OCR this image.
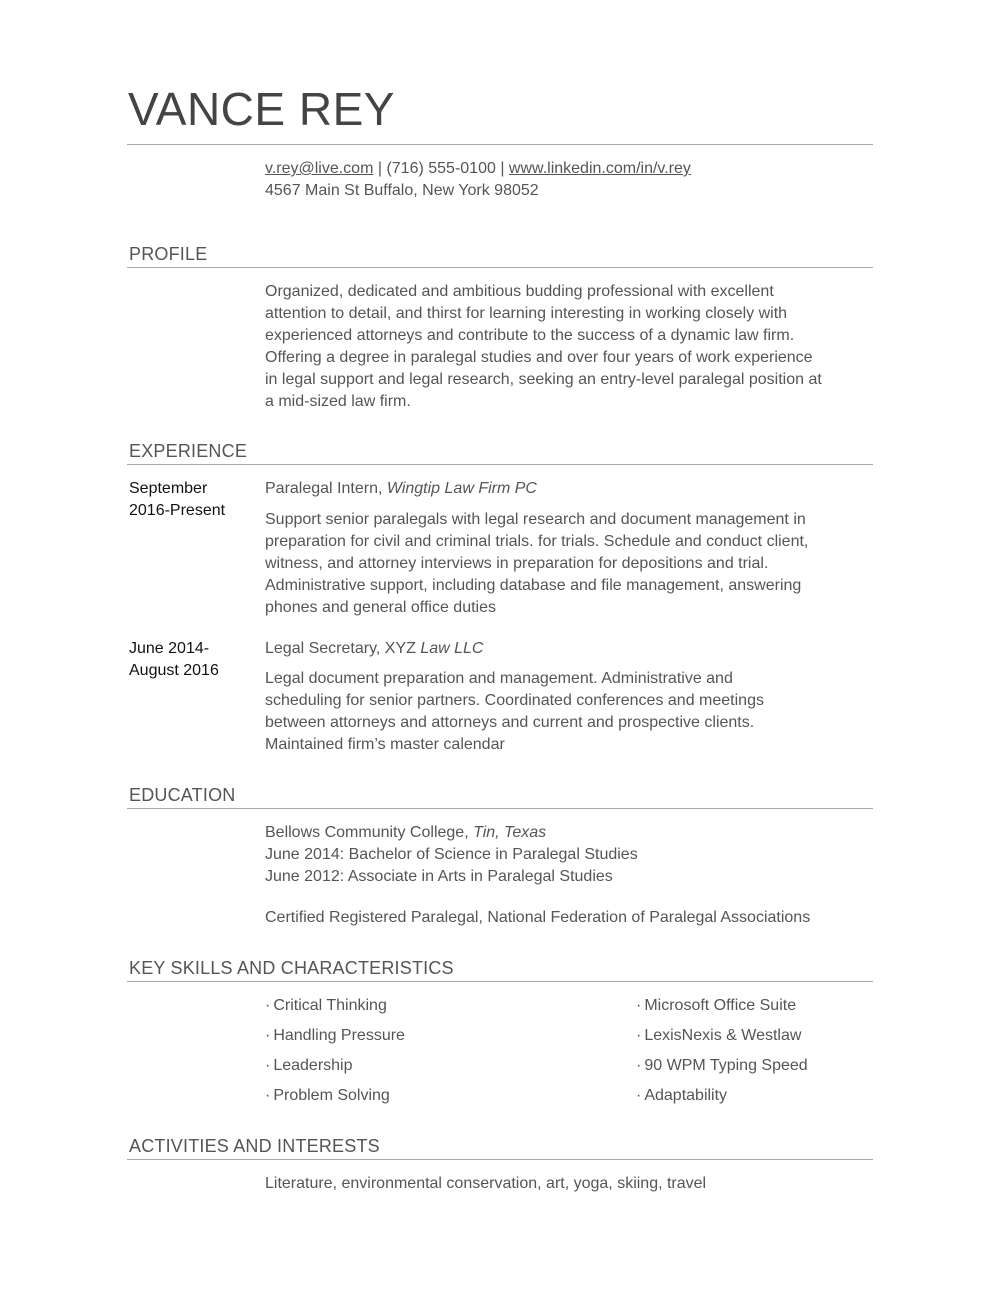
VANCE REY
v.rey@live.com | (716) 555-0100 | www.linkedin.com/in/v.rey
4567 Main St Buffalo, New York 98052
PROFILE
Organized, dedicated and ambitious budding professional with excellent attention to detail, and thirst for learning interesting in working closely with experienced attorneys and contribute to the success of a dynamic law firm. Offering a degree in paralegal studies and over four years of work experience in legal support and legal research, seeking an entry-level paralegal position at a mid-sized law firm.
EXPERIENCE
September
2016-Present
Paralegal Intern, Wingtip Law Firm PC
Support senior paralegals with legal research and document management in preparation for civil and criminal trials. for trials. Schedule and conduct client, witness, and attorney interviews in preparation for depositions and trial. Administrative support, including database and file management, answering phones and general office duties
June 2014-
August 2016
Legal Secretary, XYZ Law LLC
Legal document preparation and management. Administrative and scheduling for senior partners. Coordinated conferences and meetings between attorneys and attorneys and current and prospective clients. Maintained firm’s master calendar
EDUCATION
Bellows Community College, Tin, Texas
June 2014: Bachelor of Science in Paralegal Studies
June 2012: Associate in Arts in Paralegal Studies
Certified Registered Paralegal, National Federation of Paralegal Associations
KEY SKILLS AND CHARACTERISTICS
· Critical Thinking
· Handling Pressure
· Leadership
· Problem Solving
· Microsoft Office Suite
· LexisNexis & Westlaw
· 90 WPM Typing Speed
· Adaptability
ACTIVITIES AND INTERESTS
Literature, environmental conservation, art, yoga, skiing, travel
